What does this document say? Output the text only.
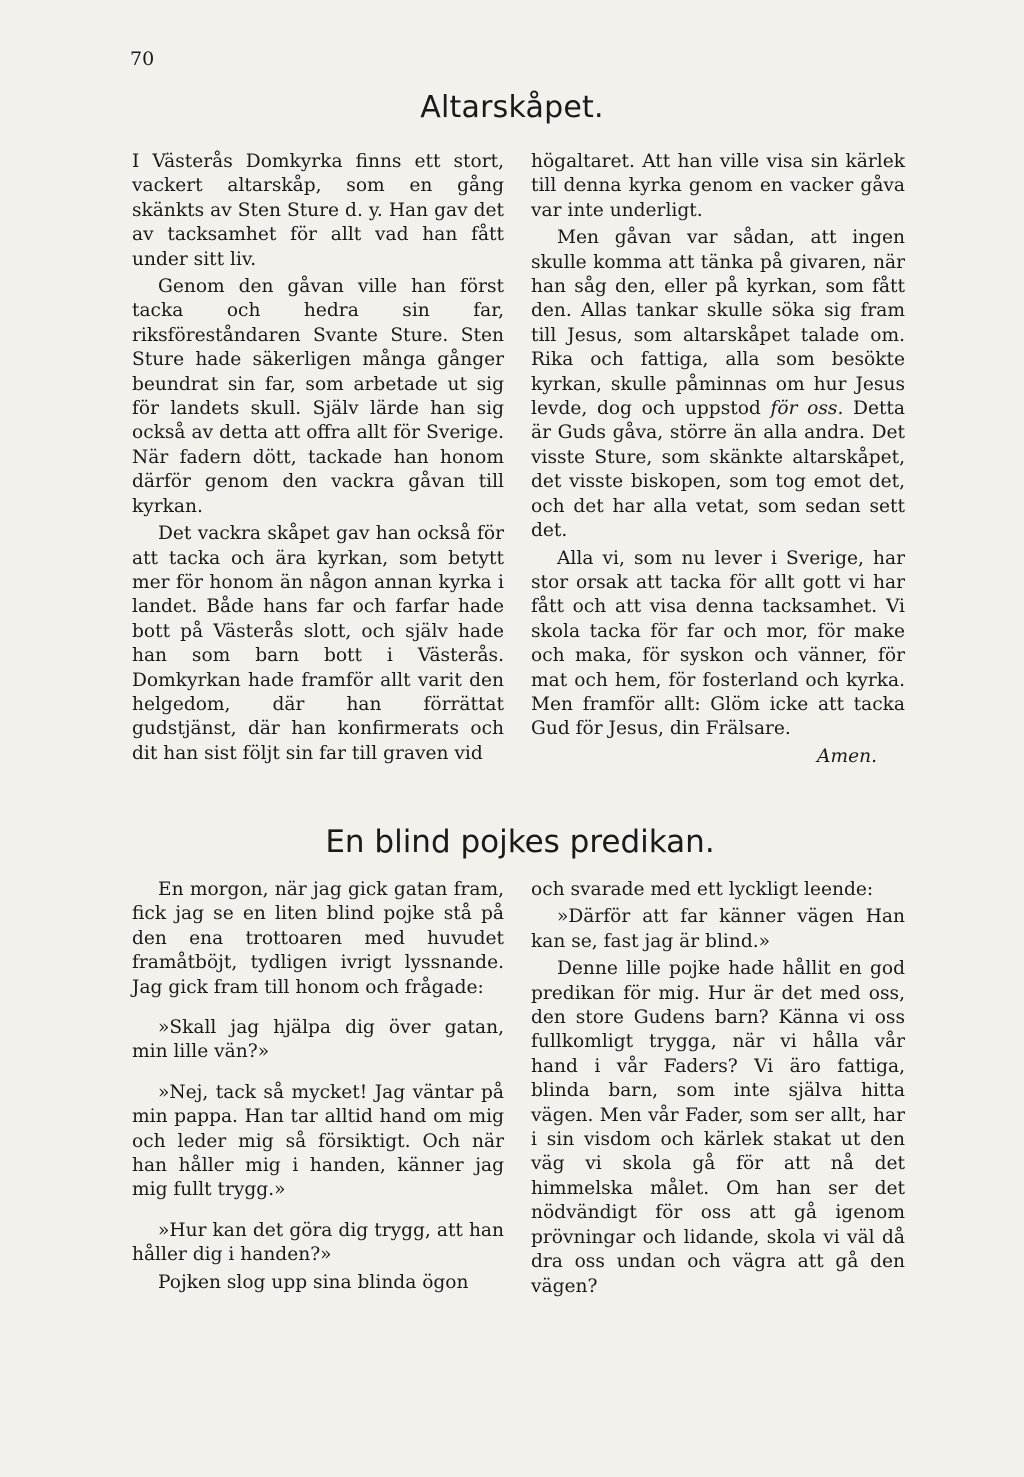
70
Altarskåpet.

I Västerås Domkyrka finns ett stort, vackert altarskåp, som en gång skänkts av Sten Sture d. y. Han gav det av tacksamhet för allt vad han fått under sitt liv.

Genom den gåvan ville han först tacka och hedra sin far, riksföreståndaren Svante Sture. Sten Sture hade säkerligen många gånger beundrat sin far, som arbetade ut sig för landets skull. Själv lärde han sig också av detta att offra allt för Sverige. När fadern dött, tackade han honom därför genom den vackra gåvan till kyrkan.

Det vackra skåpet gav han också för att tacka och ära kyrkan, som betytt mer för honom än någon annan kyrka i landet. Både hans far och farfar hade bott på Västerås slott, och själv hade han som barn bott i Västerås. Domkyrkan hade framför allt varit den helgedom, där han förrättat gudstjänst, där han konfirmerats och dit han sist följt sin far till graven vid

högaltaret. Att han ville visa sin kärlek till denna kyrka genom en vacker gåva var inte underligt.

Men gåvan var sådan, att ingen skulle komma att tänka på givaren, när han såg den, eller på kyrkan, som fått den. Allas tankar skulle söka sig fram till Jesus, som altarskåpet talade om. Rika och fattiga, alla som besökte kyrkan, skulle påminnas om hur Jesus levde, dog och uppstod för oss. Detta är Guds gåva, större än alla andra. Det visste Sture, som skänkte altarskåpet, det visste biskopen, som tog emot det, och det har alla vetat, som sedan sett det.

Alla vi, som nu lever i Sverige, har stor orsak att tacka för allt gott vi har fått och att visa denna tacksamhet. Vi skola tacka för far och mor, för make och maka, för syskon och vänner, för mat och hem, för fosterland och kyrka. Men framför allt: Glöm icke att tacka Gud för Jesus, din Frälsare.

Amen.

En blind pojkes predikan.

En morgon, när jag gick gatan fram, fick jag se en liten blind pojke stå på den ena trottoaren med huvudet framåtböjt, tydligen ivrigt lyssnande. Jag gick fram till honom och frågade:

»Skall jag hjälpa dig över gatan, min lille vän?»

»Nej, tack så mycket! Jag väntar på min pappa. Han tar alltid hand om mig och leder mig så försiktigt. Och när han håller mig i handen, känner jag mig fullt trygg.»

»Hur kan det göra dig trygg, att han håller dig i handen?»

Pojken slog upp sina blinda ögon

och svarade med ett lyckligt leende:

»Därför att far känner vägen Han kan se, fast jag är blind.»

Denne lille pojke hade hållit en god predikan för mig. Hur är det med oss, den store Gudens barn? Känna vi oss fullkomligt trygga, när vi hålla vår hand i vår Faders? Vi äro fattiga, blinda barn, som inte själva hitta vägen. Men vår Fader, som ser allt, har i sin visdom och kärlek stakat ut den väg vi skola gå för att nå det himmelska målet. Om han ser det nödvändigt för oss att gå igenom prövningar och lidande, skola vi väl då dra oss undan och vägra att gå den vägen?
